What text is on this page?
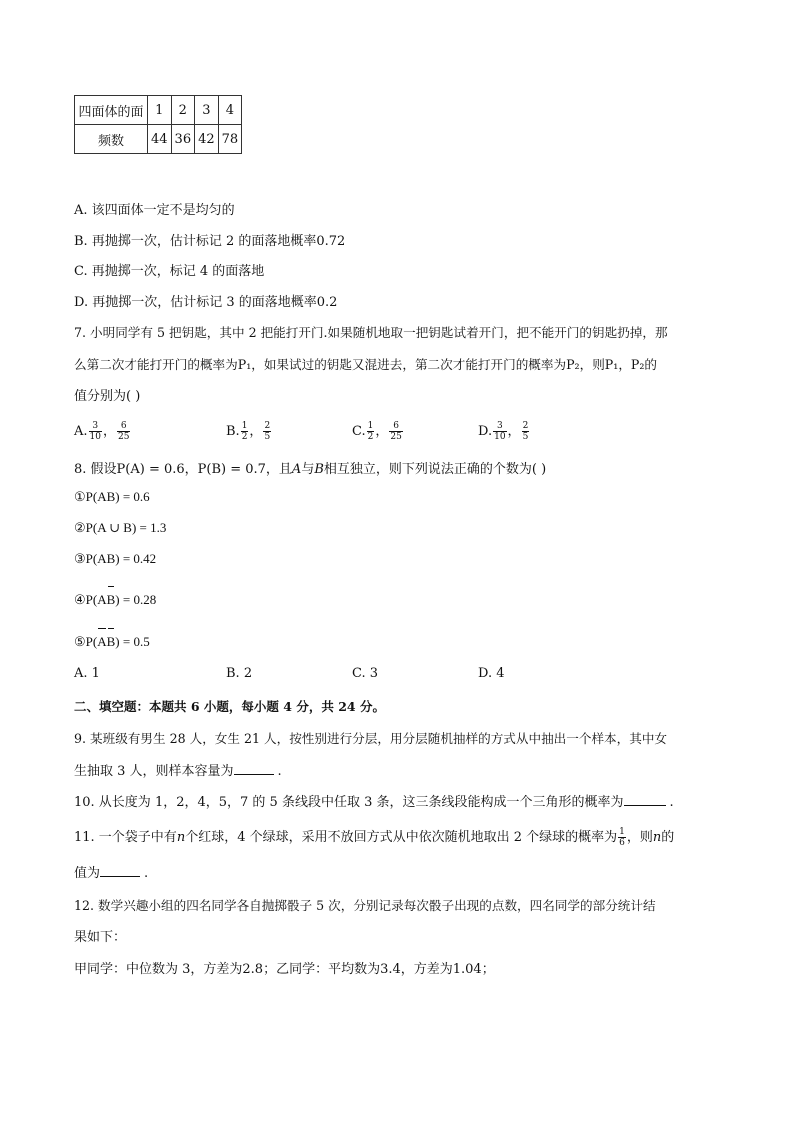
四面体的面	1	2	3	4
频数	44	36	42	78
A. 该四面体一定不是均匀的
B. 再抛掷一次，估计标记 2 的面落地概率0.72
C. 再抛掷一次，标记 4 的面落地
D. 再抛掷一次，估计标记 3 的面落地概率0.2
7. 小明同学有 5 把钥匙，其中 2 把能打开门.如果随机地取一把钥匙试着开门，把不能开门的钥匙扔掉，那
么第二次才能打开门的概率为P₁，如果试过的钥匙又混进去，第二次才能打开门的概率为P₂，则P₁，P₂的
值分别为( )
A. $\frac{3}{10}$ ， $\frac{6}{25}$	B. $\frac{1}{2}$ ， $\frac{2}{5}$	C. $\frac{1}{2}$ ， $\frac{6}{25}$	D. $\frac{3}{10}$ ， $\frac{2}{5}$
8. 假设P(A) = 0.6，P(B) = 0.7，且A与B相互独立，则下列说法正确的个数为( )
①P(AB) = 0.6
②P(A ∪ B) = 1.3
③P(AB) = 0.42
④P(AB) = 0.28
⑤P(AB) = 0.5
A. 1	B. 2	C. 3	D. 4
二、填空题：本题共 6 小题，每小题 4 分，共 24 分。
9. 某班级有男生 28 人，女生 21 人，按性别进行分层，用分层随机抽样的方式从中抽出一个样本，其中女
生抽取 3 人，则样本容量为	.
10. 从长度为 1，2，4，5，7 的 5 条线段中任取 3 条，这三条线段能构成一个三角形的概率为	.
11. 一个袋子中有n个红球，4 个绿球，采用不放回方式从中依次随机地取出 2 个绿球的概率为 $\frac{1}{6}$ ，则n的
值为	.
12. 数学兴趣小组的四名同学各自抛掷骰子 5 次，分别记录每次骰子出现的点数，四名同学的部分统计结
果如下：
甲同学：中位数为 3，方差为2.8；乙同学：平均数为3.4，方差为1.04；
